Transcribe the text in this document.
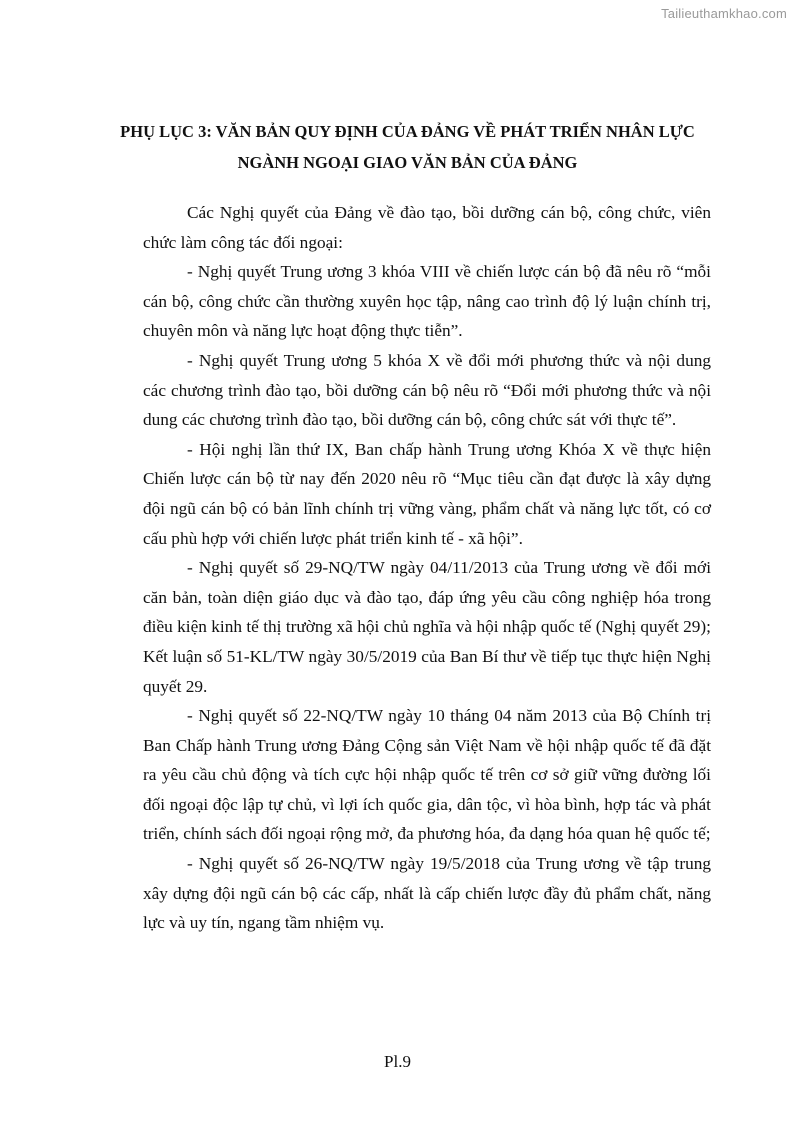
Tailieuthamkhao.com
PHỤ LỤC 3: VĂN BẢN QUY ĐỊNH CỦA ĐẢNG VỀ PHÁT TRIỂN NHÂN LỰC
NGÀNH NGOẠI GIAO VĂN BẢN CỦA ĐẢNG

Các Nghị quyết của Đảng về đào tạo, bồi dưỡng cán bộ, công chức, viên chức làm công tác đối ngoại:

- Nghị quyết Trung ương 3 khóa VIII về chiến lược cán bộ đã nêu rõ “mỗi cán bộ, công chức cần thường xuyên học tập, nâng cao trình độ lý luận chính trị, chuyên môn và năng lực hoạt động thực tiễn”.

- Nghị quyết Trung ương 5 khóa X về đổi mới phương thức và nội dung các chương trình đào tạo, bồi dưỡng cán bộ nêu rõ “Đổi mới phương thức và nội dung các chương trình đào tạo, bồi dưỡng cán bộ, công chức sát với thực tế”.

- Hội nghị lần thứ IX, Ban chấp hành Trung ương Khóa X về thực hiện Chiến lược cán bộ từ nay đến 2020 nêu rõ “Mục tiêu cần đạt được là xây dựng đội ngũ cán bộ có bản lĩnh chính trị vững vàng, phẩm chất và năng lực tốt, có cơ cấu phù hợp với chiến lược phát triển kinh tế - xã hội”.

- Nghị quyết số 29-NQ/TW ngày 04/11/2013 của Trung ương về đổi mới căn bản, toàn diện giáo dục và đào tạo, đáp ứng yêu cầu công nghiệp hóa trong điều kiện kinh tế thị trường xã hội chủ nghĩa và hội nhập quốc tế (Nghị quyết 29); Kết luận số 51-KL/TW ngày 30/5/2019 của Ban Bí thư về tiếp tục thực hiện Nghị quyết 29.

- Nghị quyết số 22-NQ/TW ngày 10 tháng 04 năm 2013 của Bộ Chính trị Ban Chấp hành Trung ương Đảng Cộng sản Việt Nam về hội nhập quốc tế đã đặt ra yêu cầu chủ động và tích cực hội nhập quốc tế trên cơ sở giữ vững đường lối đối ngoại độc lập tự chủ, vì lợi ích quốc gia, dân tộc, vì hòa bình, hợp tác và phát triển, chính sách đối ngoại rộng mở, đa phương hóa, đa dạng hóa quan hệ quốc tế;

- Nghị quyết số 26-NQ/TW ngày 19/5/2018 của Trung ương về tập trung xây dựng đội ngũ cán bộ các cấp, nhất là cấp chiến lược đầy đủ phẩm chất, năng lực và uy tín, ngang tầm nhiệm vụ.

Pl.9
